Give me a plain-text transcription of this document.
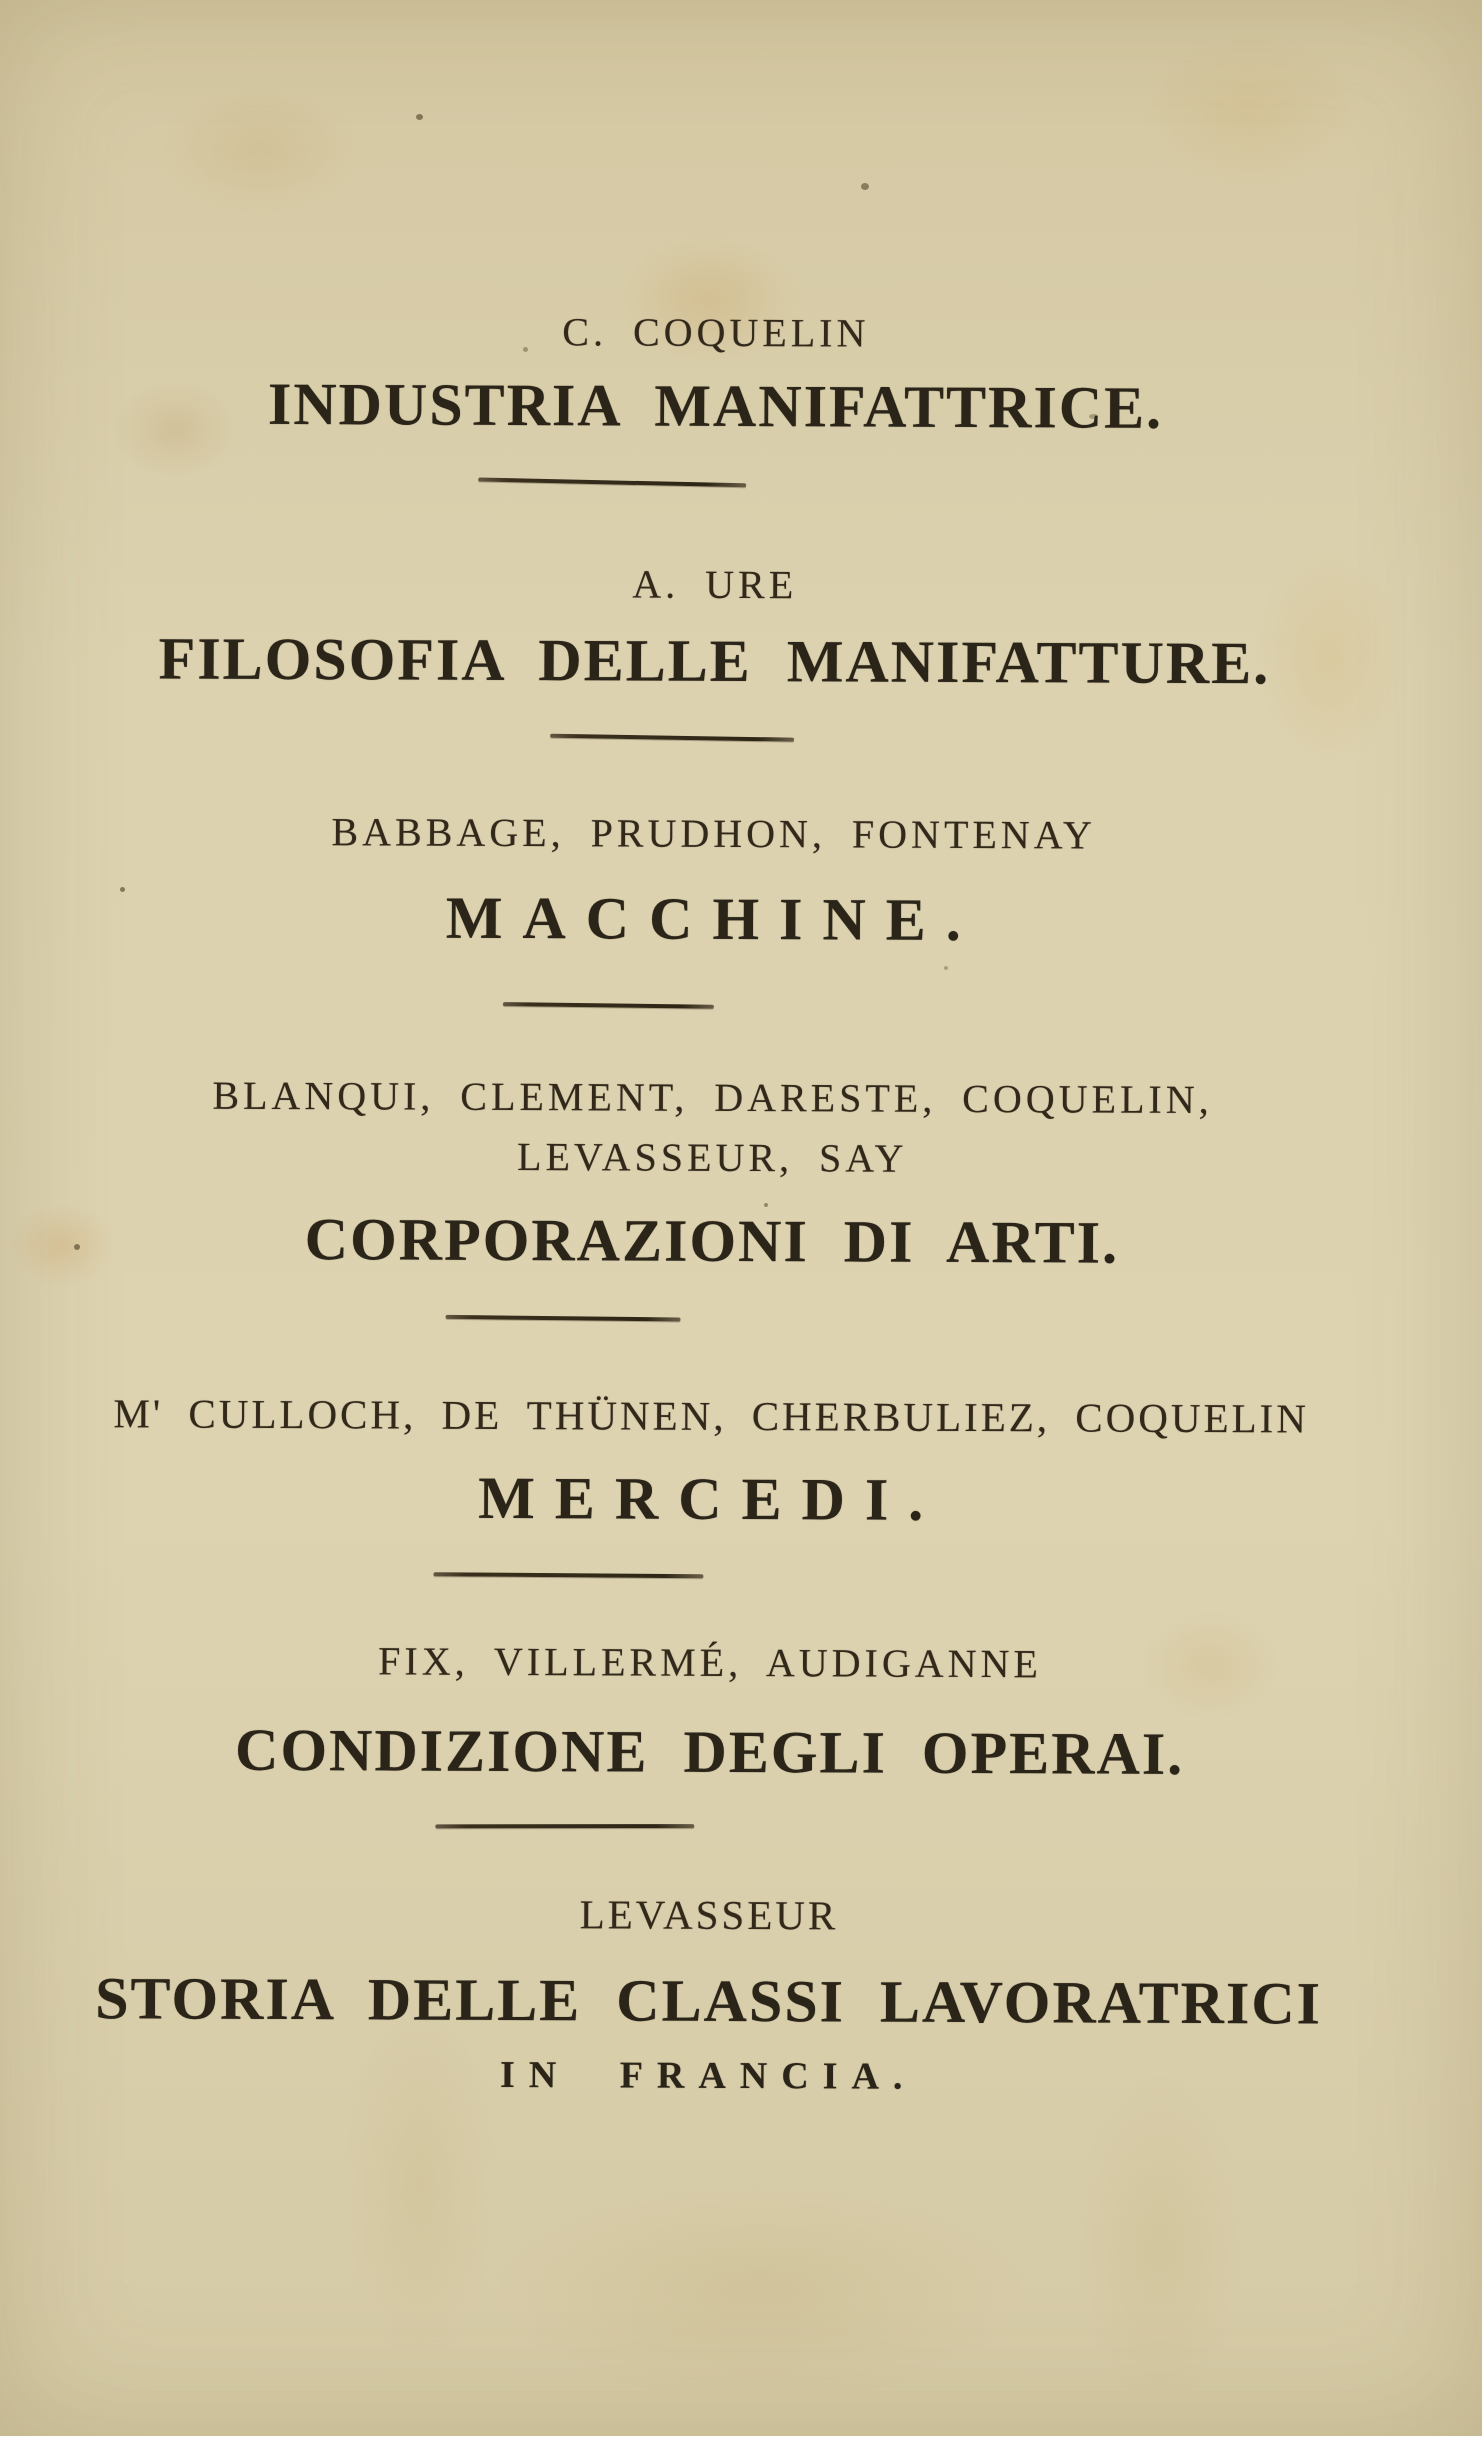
C. COQUELIN
INDUSTRIA MANIFATTRICE.
A. URE
FILOSOFIA DELLE MANIFATTURE.
BABBAGE, PRUDHON, FONTENAY
MACCHINE.
BLANQUI, CLEMENT, DARESTE, COQUELIN,
LEVASSEUR, SAY
CORPORAZIONI DI ARTI.
M' CULLOCH, DE THÜNEN, CHERBULIEZ, COQUELIN
MERCEDI.
FIX, VILLERMÉ, AUDIGANNE
CONDIZIONE DEGLI OPERAI.
LEVASSEUR
STORIA DELLE CLASSI LAVORATRICI
IN FRANCIA.
